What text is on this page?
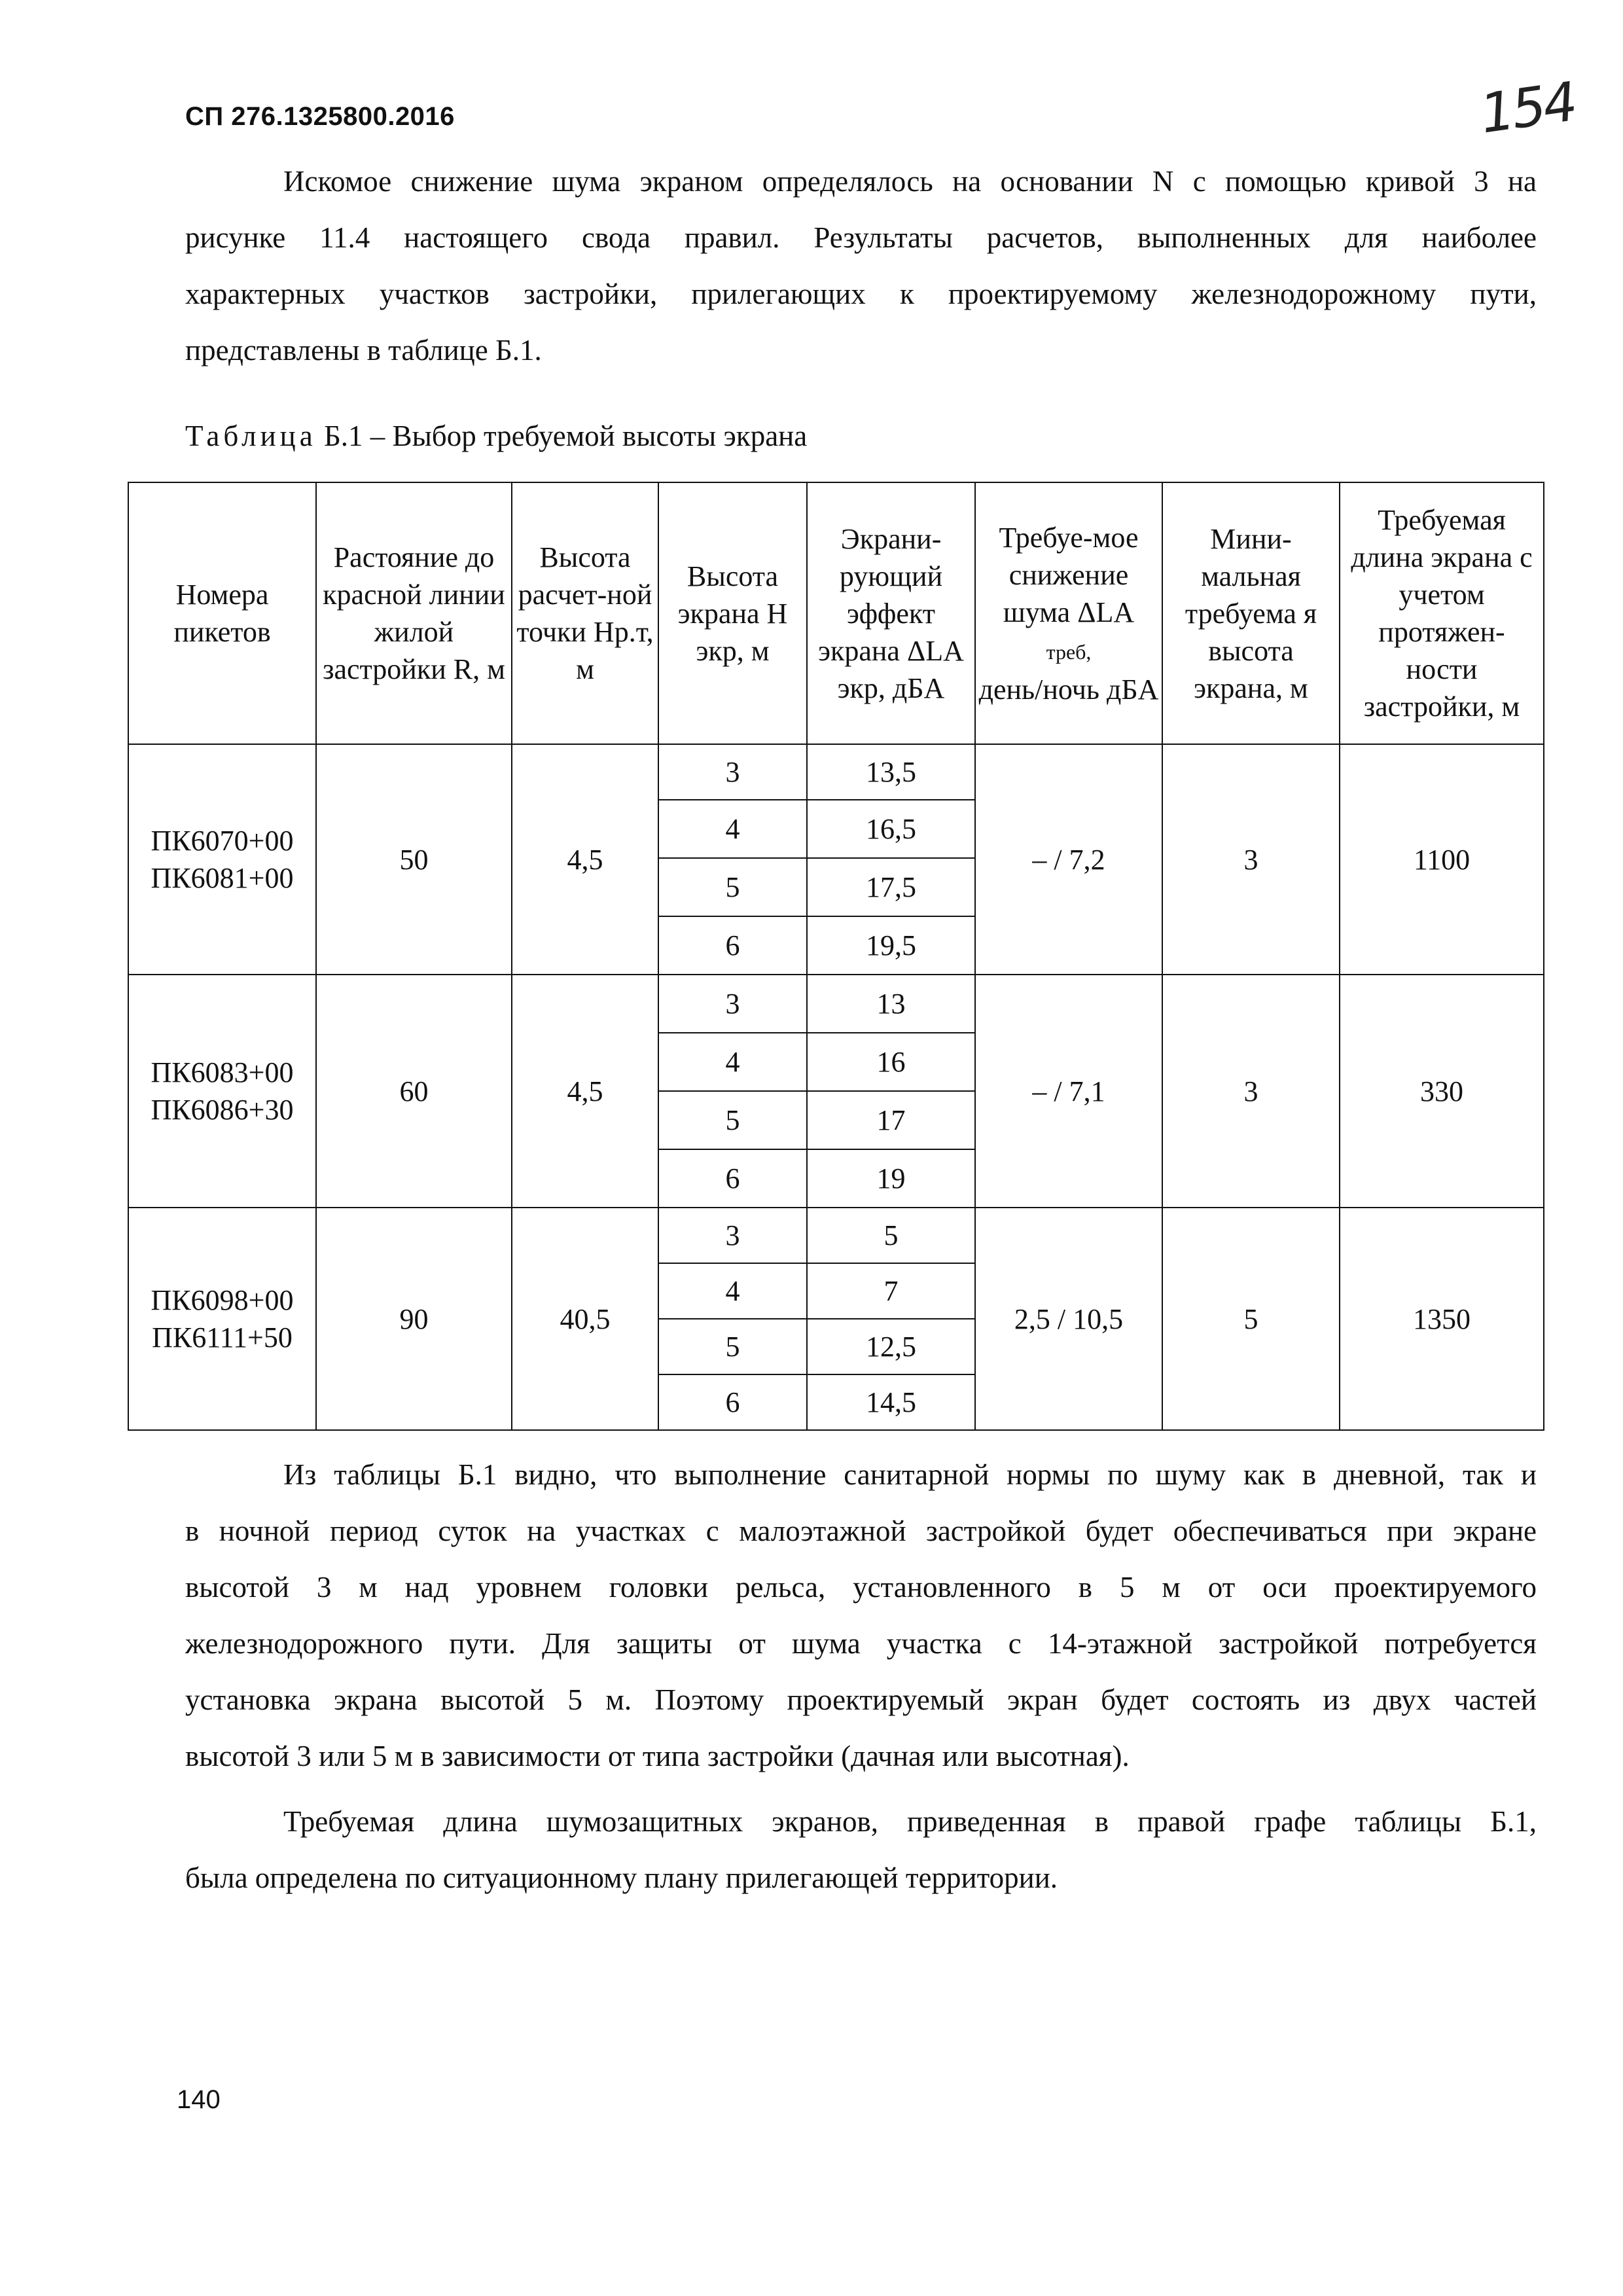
СП 276.1325800.2016	154

Искомое снижение шума экраном определялось на основании N с помощью кривой 3 на
рисунке 11.4 настоящего свода правил. Результаты расчетов, выполненных для наиболее
характерных участков застройки, прилегающих к проектируемому железнодорожному пути,
представлены в таблице Б.1.

Таблица Б.1 – Выбор требуемой высоты экрана

Номера пикетов	Растояние до красной линии жилой застройки R, м	Высота расчет-ной точки Hр.т, м	Высота экрана H экр, м	Экрани-рующий эффект экрана ΔLA экр, дБA	Требуе-мое снижение шума ΔLA
треб,
день/ночь дБA	Мини-мальная требуема я высота экрана, м	Требуемая длина экрана с учетом протяжен-ности застройки, м
ПК6070+00
ПК6081+00	50	4,5	3	13,5	– / 7,2	3	1100
			4	16,5			
			5	17,5			
			6	19,5			
ПК6083+00
ПК6086+30	60	4,5	3	13	– / 7,1	3	330
			4	16			
			5	17			
			6	19			
ПК6098+00
ПК6111+50	90	40,5	3	5	2,5 / 10,5	5	1350
			4	7			
			5	12,5			
			6	14,5			

Из таблицы Б.1 видно, что выполнение санитарной нормы по шуму как в дневной, так и
в ночной период суток на участках с малоэтажной застройкой будет обеспечиваться при экране
высотой 3 м над уровнем головки рельса, установленного в 5 м от оси проектируемого
железнодорожного пути. Для защиты от шума участка с 14-этажной застройкой потребуется
установка экрана высотой 5 м. Поэтому проектируемый экран будет состоять из двух частей
высотой 3 или 5 м в зависимости от типа застройки (дачная или высотная).

Требуемая длина шумозащитных экранов, приведенная в правой графе таблицы Б.1,
была определена по ситуационному плану прилегающей территории.

140
